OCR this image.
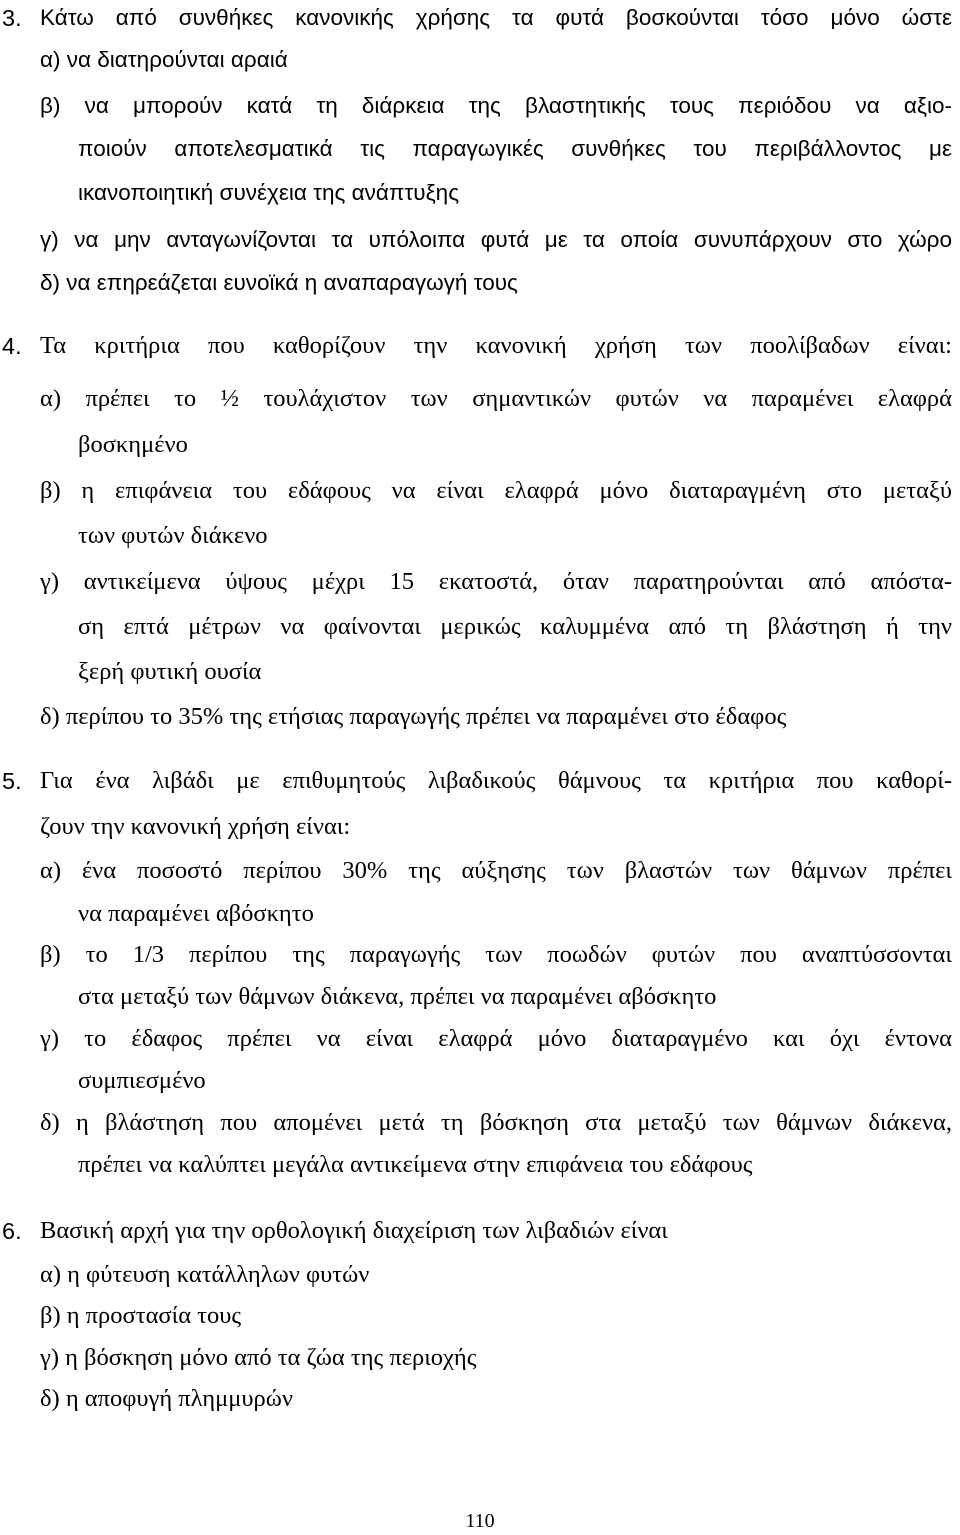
3. Κάτω από συνθήκες κανονικής χρήσης τα φυτά βοσκούνται τόσο μόνο ώστε
α) να διατηρούνται αραιά
β) να μπορούν κατά τη διάρκεια της βλαστητικής τους περιόδου να αξιο-
ποιούν αποτελεσματικά τις παραγωγικές συνθήκες του περιβάλλοντος με
ικανοποιητική συνέχεια της ανάπτυξης
γ) να μην ανταγωνίζονται τα υπόλοιπα φυτά με τα οποία συνυπάρχουν στο χώρο
δ) να επηρεάζεται ευνοϊκά η αναπαραγωγή τους
4. Τα κριτήρια που καθορίζουν την κανονική χρήση των ποολίβαδων είναι:
α) πρέπει το ½ τουλάχιστον των σημαντικών φυτών να παραμένει ελαφρά
βοσκημένο
β) η επιφάνεια του εδάφους να είναι ελαφρά μόνο διαταραγμένη στο μεταξύ
των φυτών διάκενο
γ) αντικείμενα ύψους μέχρι 15 εκατοστά, όταν παρατηρούνται από απόστα-
ση επτά μέτρων να φαίνονται μερικώς καλυμμένα από τη βλάστηση ή την
ξερή φυτική ουσία
δ) περίπου το 35% της ετήσιας παραγωγής πρέπει να παραμένει στο έδαφος
5. Για ένα λιβάδι με επιθυμητούς λιβαδικούς θάμνους τα κριτήρια που καθορί-
ζουν την κανονική χρήση είναι:
α) ένα ποσοστό περίπου 30% της αύξησης των βλαστών των θάμνων πρέπει
να παραμένει αβόσκητο
β) το 1/3 περίπου της παραγωγής των ποωδών φυτών που αναπτύσσονται
στα μεταξύ των θάμνων διάκενα, πρέπει να παραμένει αβόσκητο
γ) το έδαφος πρέπει να είναι ελαφρά μόνο διαταραγμένο και όχι έντονα
συμπιεσμένο
δ) η βλάστηση που απομένει μετά τη βόσκηση στα μεταξύ των θάμνων διάκενα,
πρέπει να καλύπτει μεγάλα αντικείμενα στην επιφάνεια του εδάφους
6. Βασική αρχή για την ορθολογική διαχείριση των λιβαδιών είναι
α) η φύτευση κατάλληλων φυτών
β) η προστασία τους
γ) η βόσκηση μόνο από τα ζώα της περιοχής
δ) η αποφυγή πλημμυρών
110
